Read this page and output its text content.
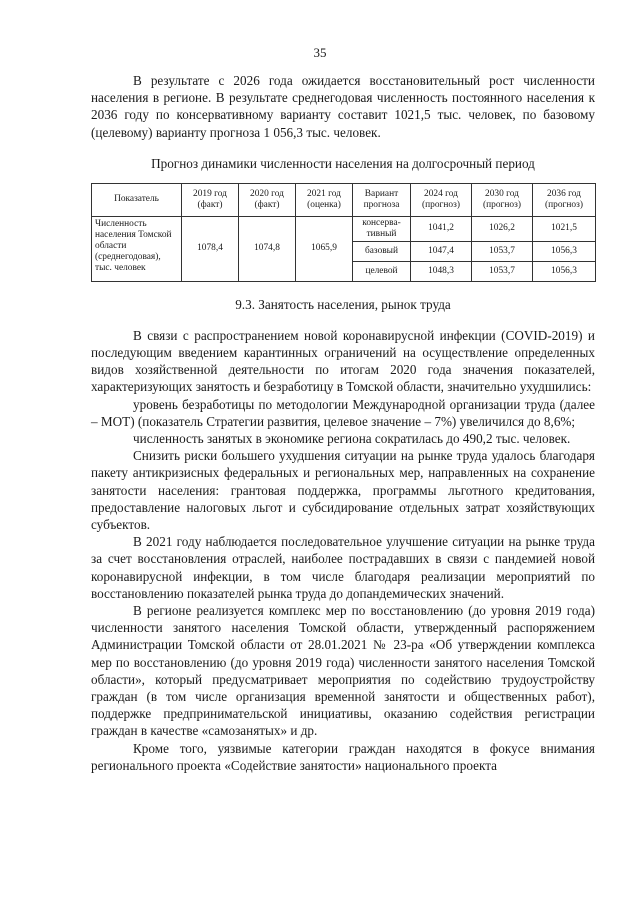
35

В результате с 2026 года ожидается восстановительный рост численности населения в регионе. В результате среднегодовая численность постоянного населения к 2036 году по консервативному варианту составит 1021,5 тыс. человек, по базовому (целевому) варианту прогноза 1 056,3 тыс. человек.

Прогноз динамики численности населения на долгосрочный период
Показатель	2019 год (факт)	2020 год (факт)	2021 год (оценка)	Вариант прогноза	2024 год (прогноз)	2030 год (прогноз)	2036 год (прогноз)
Численность населения Томской области (среднегодовая), тыс. человек	1078,4	1074,8	1065,9	консерва-тивный	1041,2	1026,2	1021,5
				базовый	1047,4	1053,7	1056,3
				целевой	1048,3	1053,7	1056,3
9.3. Занятость населения, рынок труда

В связи с распространением новой коронавирусной инфекции (COVID-2019) и последующим введением карантинных ограничений на осуществление определенных видов хозяйственной деятельности по итогам 2020 года значения показателей, характеризующих занятость и безработицу в Томской области, значительно ухудшились:

уровень безработицы по методологии Международной организации труда (далее – МОТ) (показатель Стратегии развития, целевое значение – 7%) увеличился до 8,6%;

численность занятых в экономике региона сократилась до 490,2 тыс. человек.

Снизить риски большего ухудшения ситуации на рынке труда удалось благодаря пакету антикризисных федеральных и региональных мер, направленных на сохранение занятости населения: грантовая поддержка, программы льготного кредитования, предоставление налоговых льгот и субсидирование отдельных затрат хозяйствующих субъектов.

В 2021 году наблюдается последовательное улучшение ситуации на рынке труда за счет восстановления отраслей, наиболее пострадавших в связи с пандемией новой коронавирусной инфекции, в том числе благодаря реализации мероприятий по восстановлению показателей рынка труда до допандемических значений.

В регионе реализуется комплекс мер по восстановлению (до уровня 2019 года) численности занятого населения Томской области, утвержденный распоряжением Администрации Томской области от 28.01.2021 № 23-ра «Об утверждении комплекса мер по восстановлению (до уровня 2019 года) численности занятого населения Томской области», который предусматривает мероприятия по содействию трудоустройству граждан (в том числе организация временной занятости и общественных работ), поддержке предпринимательской инициативы, оказанию содействия регистрации граждан в качестве «самозанятых» и др.

Кроме того, уязвимые категории граждан находятся в фокусе внимания регионального проекта «Содействие занятости» национального проекта
